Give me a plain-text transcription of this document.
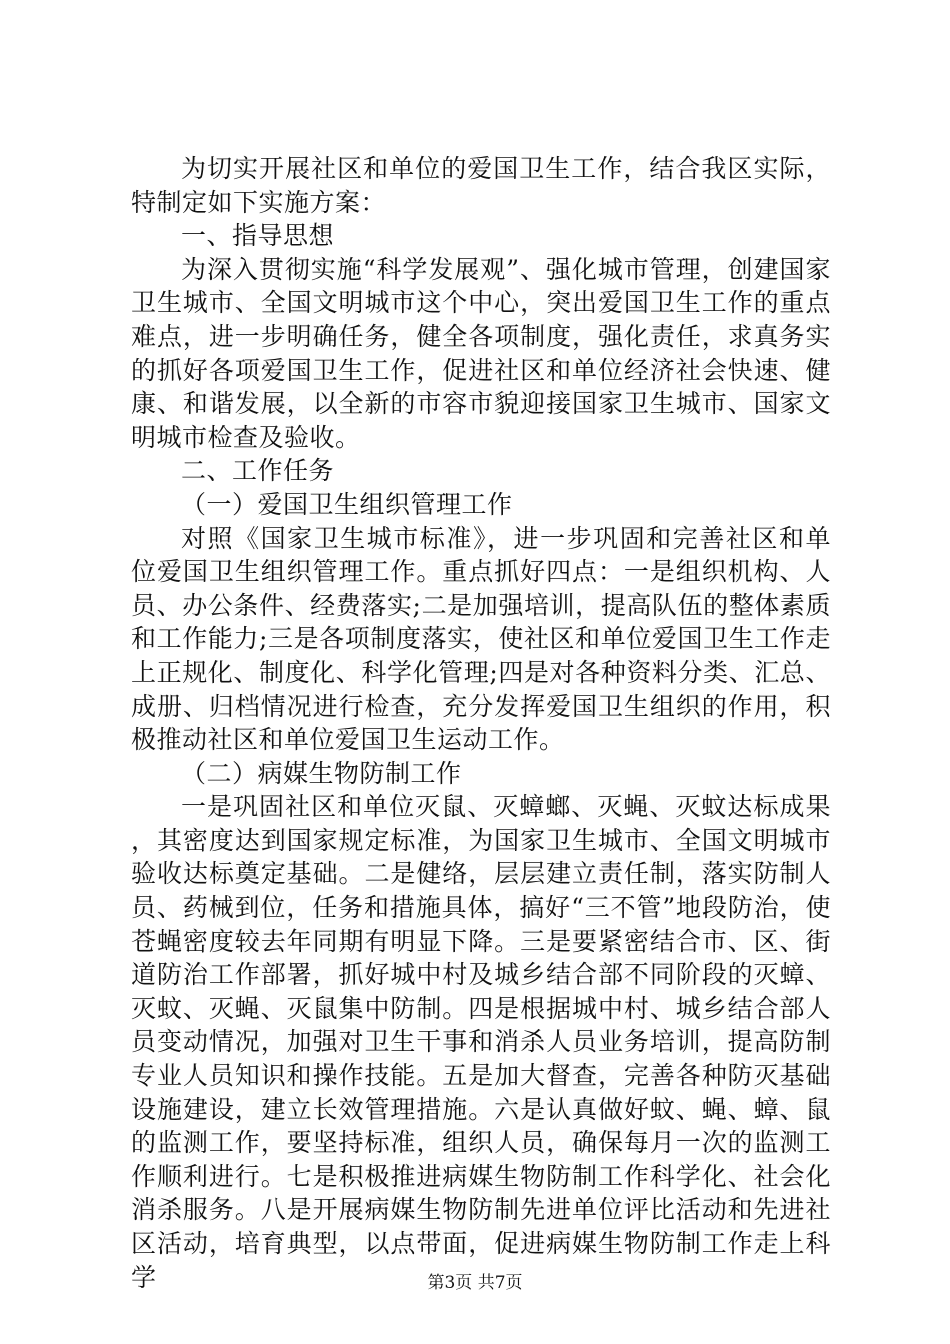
为切实开展社区和单位的爱国卫生工作，结合我区实际，特制定如下实施方案：

一、指导思想

为深入贯彻实施“科学发展观”、强化城市管理，创建国家卫生城市、全国文明城市这个中心，突出爱国卫生工作的重点难点，进一步明确任务，健全各项制度，强化责任，求真务实的抓好各项爱国卫生工作，促进社区和单位经济社会快速、健康、和谐发展，以全新的市容市貌迎接国家卫生城市、国家文明城市检查及验收。

二、工作任务

（一）爱国卫生组织管理工作

对照《国家卫生城市标准》，进一步巩固和完善社区和单位爱国卫生组织管理工作。重点抓好四点：一是组织机构、人员、办公条件、经费落实;二是加强培训，提高队伍的整体素质和工作能力;三是各项制度落实，使社区和单位爱国卫生工作走上正规化、制度化、科学化管理;四是对各种资料分类、汇总、成册、归档情况进行检查，充分发挥爱国卫生组织的作用，积极推动社区和单位爱国卫生运动工作。

（二）病媒生物防制工作

一是巩固社区和单位灭鼠、灭蟑螂、灭蝇、灭蚊达标成果，其密度达到国家规定标准，为国家卫生城市、全国文明城市验收达标奠定基础。二是健络，层层建立责任制，落实防制人员、药械到位，任务和措施具体，搞好“三不管”地段防治，使苍蝇密度较去年同期有明显下降。三是要紧密结合市、区、街道防治工作部署，抓好城中村及城乡结合部不同阶段的灭蟑、灭蚊、灭蝇、灭鼠集中防制。四是根据城中村、城乡结合部人员变动情况，加强对卫生干事和消杀人员业务培训，提高防制专业人员知识和操作技能。五是加大督查，完善各种防灭基础设施建设，建立长效管理措施。六是认真做好蚊、蝇、蟑、鼠的监测工作，要坚持标准，组织人员，确保每月一次的监测工作顺利进行。七是积极推进病媒生物防制工作科学化、社会化消杀服务。八是开展病媒生物防制先进单位评比活动和先进社区活动，培育典型，以点带面，促进病媒生物防制工作走上科学	第3页 共7页
